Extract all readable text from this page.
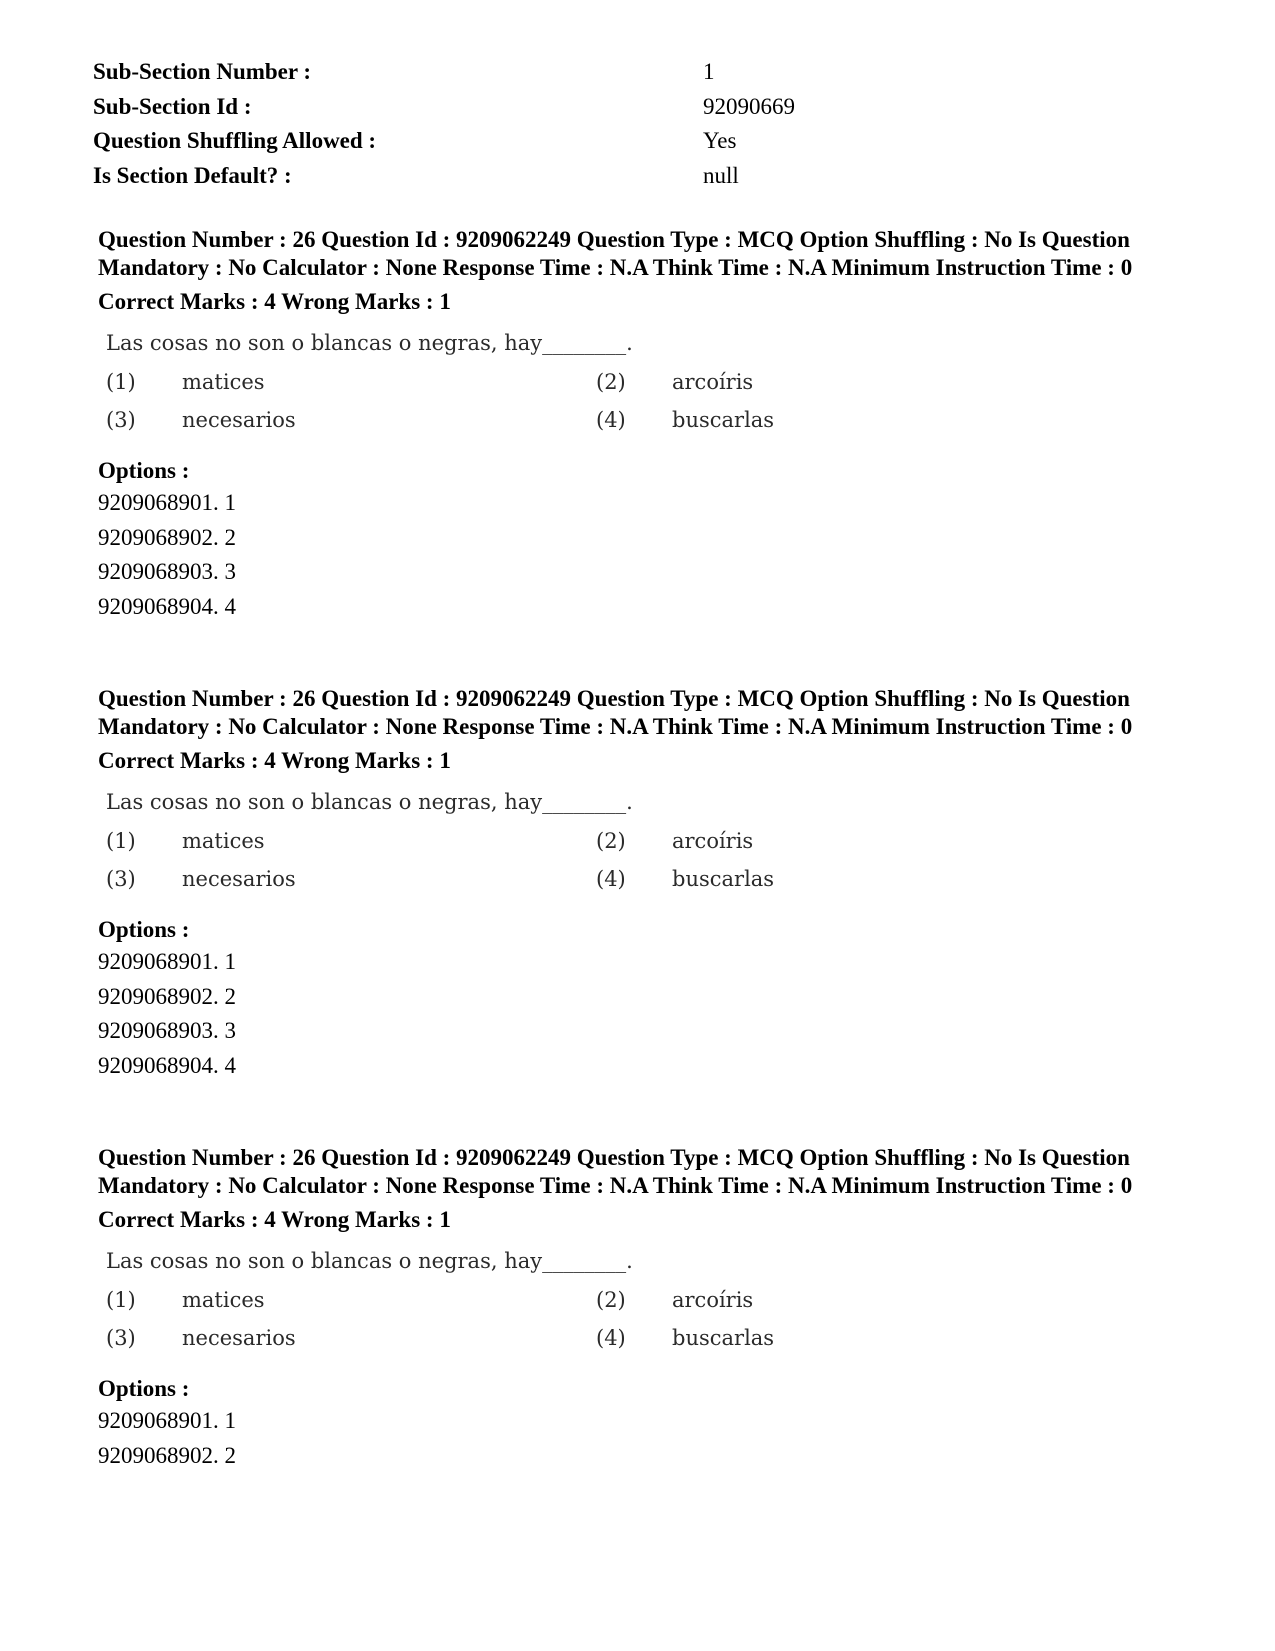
Sub-Section Number :	1
Sub-Section Id :	92090669
Question Shuffling Allowed :	Yes
Is Section Default? :	null
Question Number : 26 Question Id : 9209062249 Question Type : MCQ Option Shuffling : No Is Question Mandatory : No Calculator : None Response Time : N.A Think Time : N.A Minimum Instruction Time : 0
Correct Marks : 4 Wrong Marks : 1
Las cosas no son o blancas o negras, hay________.
(1) matices	(2) arcoíris
(3) necesarios	(4) buscarlas
Options :
9209068901. 1
9209068902. 2
9209068903. 3
9209068904. 4
Question Number : 26 Question Id : 9209062249 Question Type : MCQ Option Shuffling : No Is Question Mandatory : No Calculator : None Response Time : N.A Think Time : N.A Minimum Instruction Time : 0
Correct Marks : 4 Wrong Marks : 1
Las cosas no son o blancas o negras, hay________.
(1) matices	(2) arcoíris
(3) necesarios	(4) buscarlas
Options :
9209068901. 1
9209068902. 2
9209068903. 3
9209068904. 4
Question Number : 26 Question Id : 9209062249 Question Type : MCQ Option Shuffling : No Is Question Mandatory : No Calculator : None Response Time : N.A Think Time : N.A Minimum Instruction Time : 0
Correct Marks : 4 Wrong Marks : 1
Las cosas no son o blancas o negras, hay________.
(1) matices	(2) arcoíris
(3) necesarios	(4) buscarlas
Options :
9209068901. 1
9209068902. 2
